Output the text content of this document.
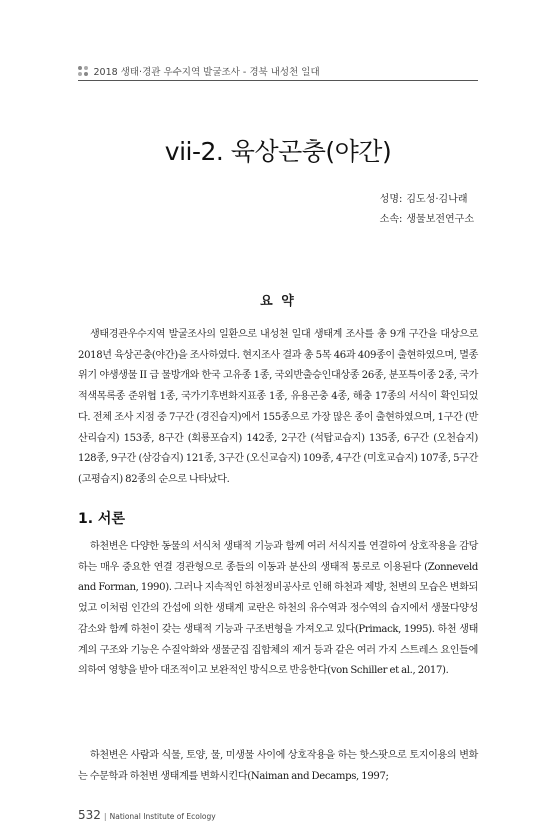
2018 생태·경관 우수지역 발굴조사 - 경북 내성천 일대
vii-2. 육상곤충(야간)
성명: 김도성·김나래
소속: 생물보전연구소
요 약

생태경관우수지역 발굴조사의 일환으로 내성천 일대 생태계 조사를 총 9개 구간을 대상으로 2018년 육상곤충(야간)을 조사하였다. 현지조사 결과 총 5목 46과 409종이 출현하였으며, 멸종위기 야생생물 II 급 물방개와 한국 고유종 1종, 국외반출승인대상종 26종, 분포특이종 2종, 국가적색목록종 준위협 1종, 국가기후변화지표종 1종, 유용곤충 4종, 해충 17종의 서식이 확인되었다. 전체 조사 지점 중 7구간 (경진습지)에서 155종으로 가장 많은 종이 출현하였으며, 1구간 (반산리습지) 153종, 8구간 (회룡포습지) 142종, 2구간 (석탑교습지) 135종, 6구간 (오천습지) 128종, 9구간 (삼강습지) 121종, 3구간 (오신교습지) 109종, 4구간 (미호교습지) 107종, 5구간 (고평습지) 82종의 순으로 나타났다.

1. 서론

하천변은 다양한 동물의 서식처 생태적 기능과 함께 여러 서식지를 연결하여 상호작용을 감당하는 매우 중요한 연결 경관형으로 종들의 이동과 분산의 생태적 통로로 이용된다 (Zonneveld and Forman, 1990). 그러나 지속적인 하천정비공사로 인해 하천과 제방, 천변의 모습은 변화되었고 이처럼 인간의 간섭에 의한 생태계 교란은 하천의 유수역과 정수역의 습지에서 생물다양성 감소와 함께 하천이 갖는 생태적 기능과 구조변형을 가져오고 있다(Primack, 1995). 하천 생태계의 구조와 기능은 수질악화와 생물군집 집합체의 제거 등과 같은 여러 가지 스트레스 요인들에 의하여 영향을 받아 대조적이고 보완적인 방식으로 반응한다(von Schiller et al., 2017).

하천변은 사람과 식물, 토양, 물, 미생물 사이에 상호작용을 하는 핫스팟으로 토지이용의 변화는 수문학과 하천변 생태계를 변화시킨다(Naiman and Decamps, 1997;

532 | National Institute of Ecology
